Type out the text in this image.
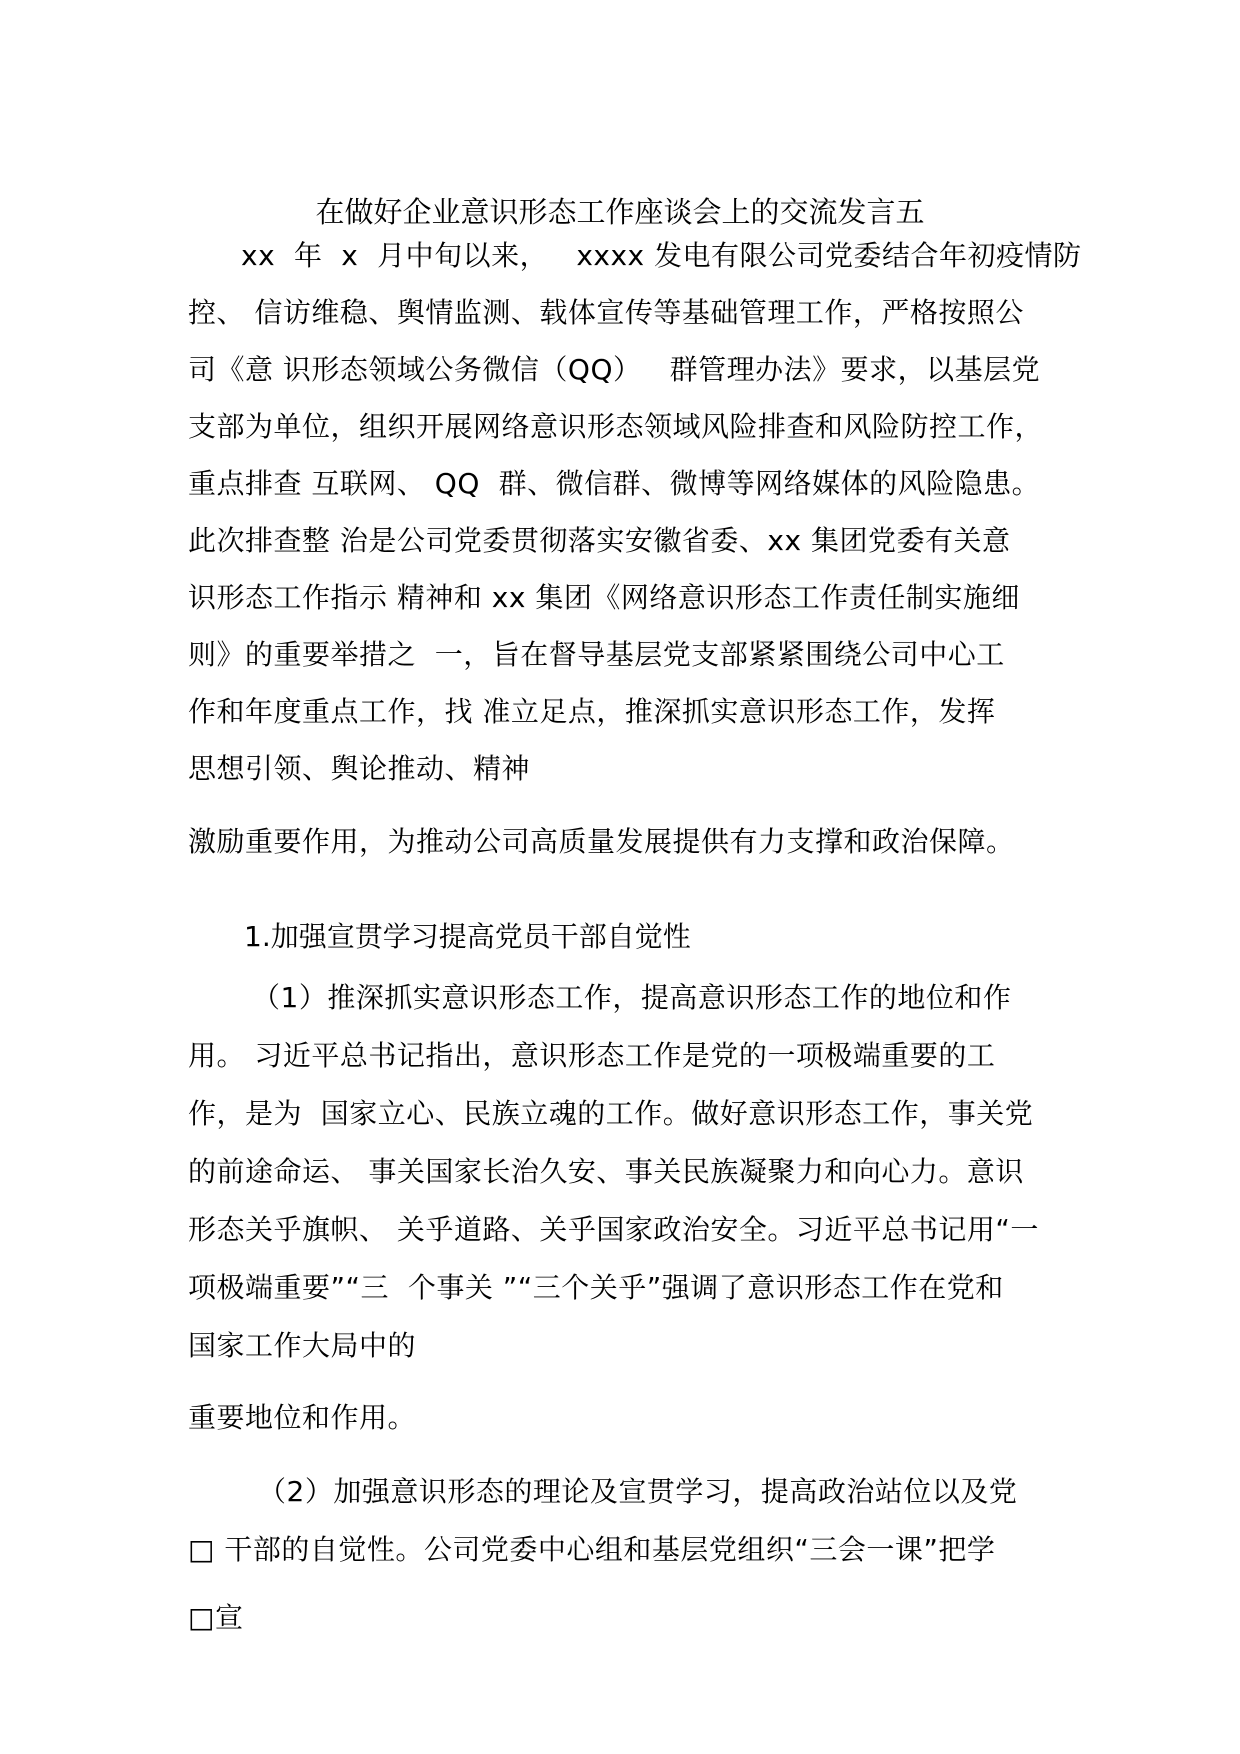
在做好企业意识形态工作座谈会上的交流发言五
xx  年  x  月中旬以来，   xxxx 发电有限公司党委结合年初疫情防
控、 信访维稳、舆情监测、载体宣传等基础管理工作，严格按照公
司《意 识形态领域公务微信（QQ）   群管理办法》要求，以基层党
支部为单位，组织开展网络意识形态领域风险排查和风险防控工作，
重点排查 互联网、 QQ  群、微信群、微博等网络媒体的风险隐患。
此次排查整 治是公司党委贯彻落实安徽省委、xx 集团党委有关意
识形态工作指示 精神和 xx 集团《网络意识形态工作责任制实施细
则》的重要举措之  一，旨在督导基层党支部紧紧围绕公司中心工
作和年度重点工作，找 准立足点，推深抓实意识形态工作，发挥
思想引领、舆论推动、精神
激励重要作用，为推动公司高质量发展提供有力支撑和政治保障。
1.加强宣贯学习提高党员干部自觉性
（1）推深抓实意识形态工作，提高意识形态工作的地位和作
用。 习近平总书记指出，意识形态工作是党的一项极端重要的工
作，是为  国家立心、民族立魂的工作。做好意识形态工作，事关党
的前途命运、 事关国家长治久安、事关民族凝聚力和向心力。意识
形态关乎旗帜、 关乎道路、关乎国家政治安全。习近平总书记用“一
项极端重要”“三  个事关 ”“三个关乎”强调了意识形态工作在党和
国家工作大局中的
重要地位和作用。
（2）加强意识形态的理论及宣贯学习，提高政治站位以及党
□ 干部的自觉性。公司党委中心组和基层党组织“三会一课”把学
□宣
